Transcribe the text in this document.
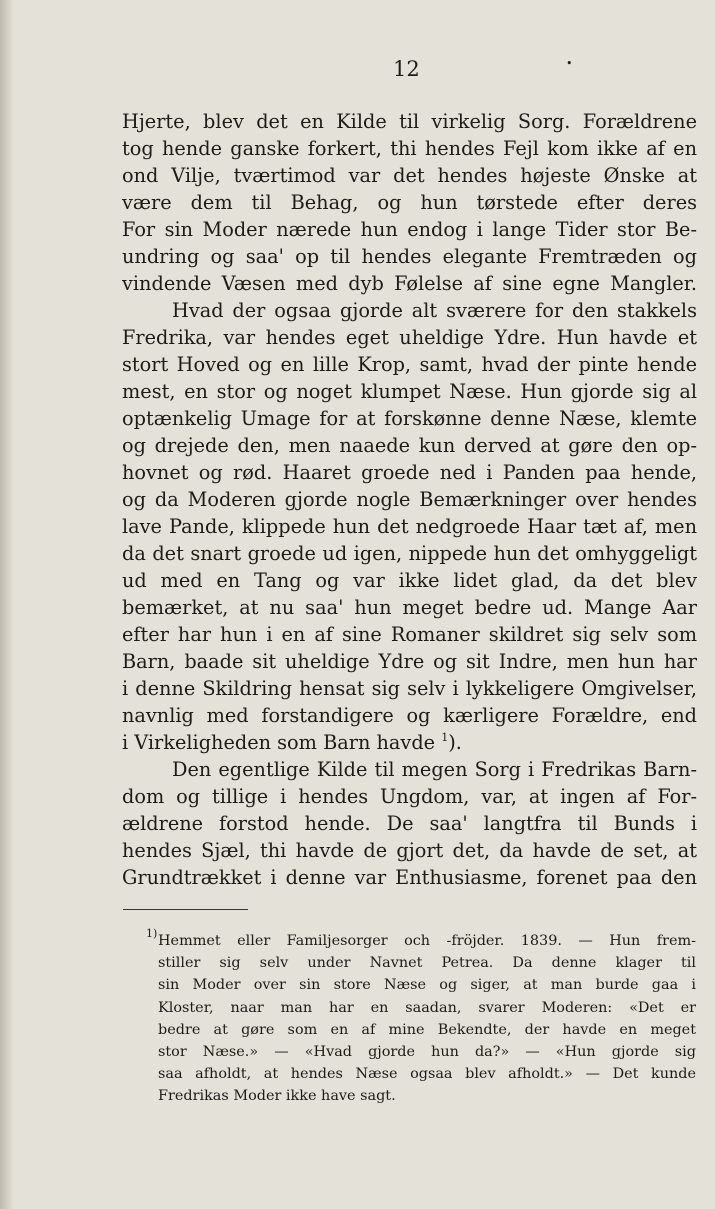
12	•
Hjerte, blev det en Kilde til virkelig Sorg. Forældrene
tog hende ganske forkert, thi hendes Fejl kom ikke af en
ond Vilje, tværtimod var det hendes højeste Ønske at
være dem til Behag, og hun tørstede efter deres
For sin Moder nærede hun endog i lange Tider stor Be-
undring og saa' op til hendes elegante Fremtræden og
vindende Væsen med dyb Følelse af sine egne Mangler.
Hvad der ogsaa gjorde alt sværere for den stakkels
Fredrika, var hendes eget uheldige Ydre. Hun havde et
stort Hoved og en lille Krop, samt, hvad der pinte hende
mest, en stor og noget klumpet Næse. Hun gjorde sig al
optænkelig Umage for at forskønne denne Næse, klemte
og drejede den, men naaede kun derved at gøre den op-
hovnet og rød. Haaret groede ned i Panden paa hende,
og da Moderen gjorde nogle Bemærkninger over hendes
lave Pande, klippede hun det nedgroede Haar tæt af, men
da det snart groede ud igen, nippede hun det omhyggeligt
ud med en Tang og var ikke lidet glad, da det blev
bemærket, at nu saa' hun meget bedre ud. Mange Aar
efter har hun i en af sine Romaner skildret sig selv som
Barn, baade sit uheldige Ydre og sit Indre, men hun har
i denne Skildring hensat sig selv i lykkeligere Omgivelser,
navnlig med forstandigere og kærligere Forældre, end
i Virkeligheden som Barn havde $^1$).
Den egentlige Kilde til megen Sorg i Fredrikas Barn-
dom og tillige i hendes Ungdom, var, at ingen af For-
ældrene forstod hende. De saa' langtfra til Bunds i
hendes Sjæl, thi havde de gjort det, da havde de set, at
Grundtrækket i denne var Enthusiasme, forenet paa den
1) Hemmet eller Familjesorger och -fröjder. 1839. — Hun frem-
stiller sig selv under Navnet Petrea. Da denne klager til
sin Moder over sin store Næse og siger, at man burde gaa i
Kloster, naar man har en saadan, svarer Moderen: «Det er
bedre at gøre som en af mine Bekendte, der havde en meget
stor Næse.» — «Hvad gjorde hun da?» — «Hun gjorde sig
saa afholdt, at hendes Næse ogsaa blev afholdt.» — Det kunde
Fredrikas Moder ikke have sagt.
